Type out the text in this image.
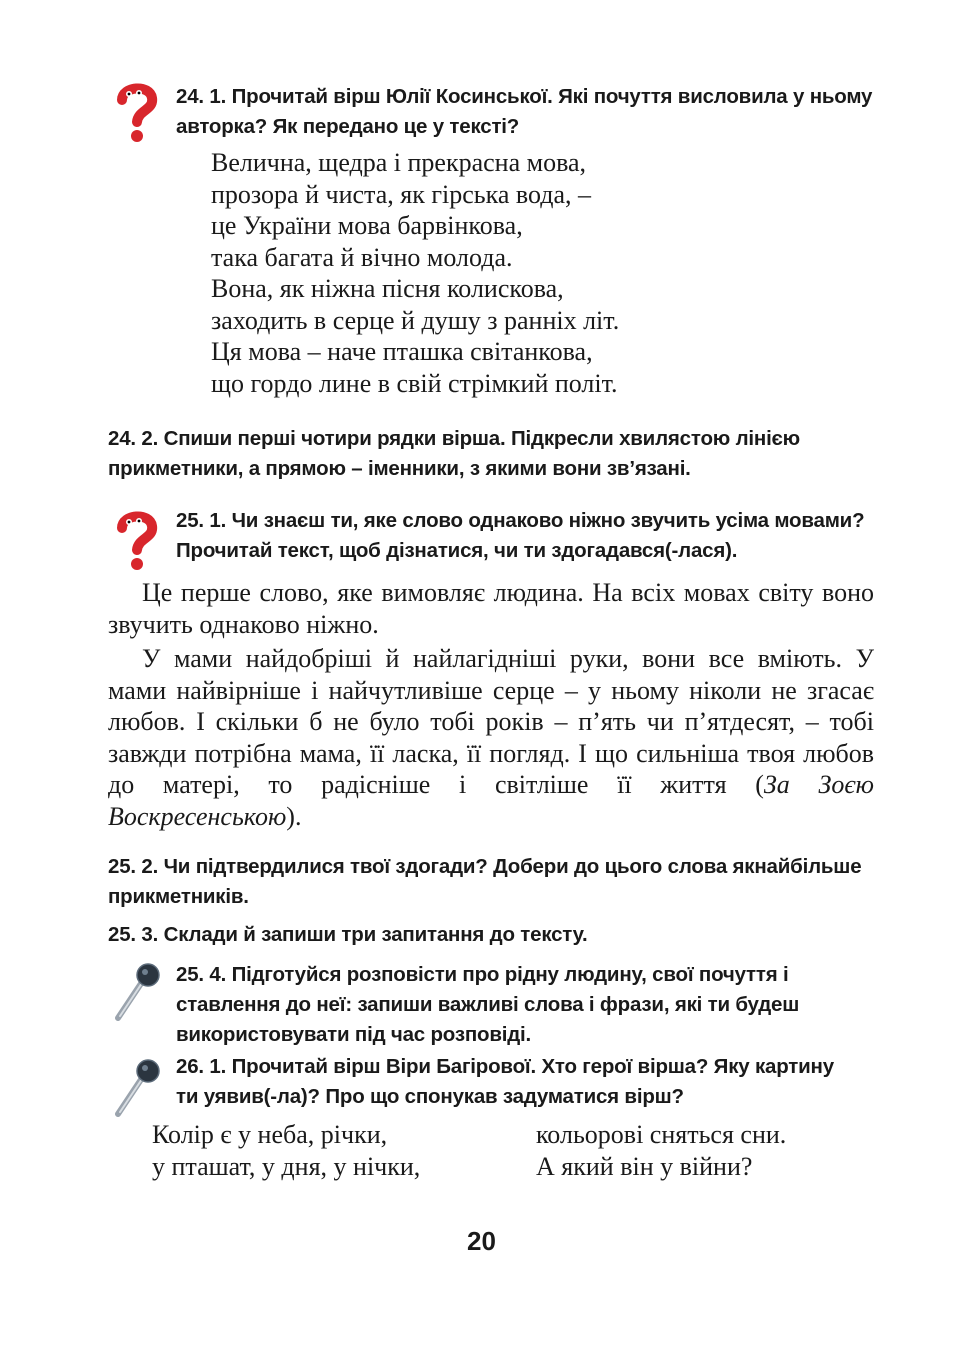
24. 1. Прочитай вірш Юлії Косинської. Які почуття висловила у ньому авторка? Як передано це у тексті?
Велична, щедра і прекрасна мова,
прозора й чиста, як гірська вода, –
це України мова барвінкова,
така багата й вічно молода.
Вона, як ніжна пісня колискова,
заходить в серце й душу з ранніх літ.
Ця мова – наче пташка світанкова,
що гордо лине в свій стрімкий політ.
24. 2. Спиши перші чотири рядки вірша. Підкресли хвилястою лінією прикметники, а прямою – іменники, з якими вони зв’язані.
25. 1. Чи знаєш ти, яке слово однаково ніжно звучить усіма мовами? Прочитай текст, щоб дізнатися, чи ти здогадався(-лася).
Це перше слово, яке вимовляє людина. На всіх мовах світу воно звучить однаково ніжно.
У мами найдобріші й найлагідніші руки, вони все вміють. У мами найвірніше і найчутливіше серце – у ньому ніколи не згасає любов. І скільки б не було тобі років – п’ять чи п’ятдесят, – тобі завжди потрібна мама, її ласка, її погляд. І що сильніша твоя любов до матері, то радісніше і світліше її життя (За Зоєю Воскресенською).
25. 2. Чи підтвердилися твої здогади? Добери до цього слова якнайбільше прикметників.
25. 3. Склади й запиши три запитання до тексту.
25. 4. Підготуйся розповісти про рідну людину, свої почуття і ставлення до неї: запиши важливі слова і фрази, які ти будеш використовувати під час розповіді.
26. 1. Прочитай вірш Віри Багірової. Хто герої вірша? Яку картину ти уявив(-ла)? Про що спонукав задуматися вірш?
Колір є у неба, річки,
у пташат, у дня, у нічки,
кольорові сняться сни.
А який він у війни?
20
